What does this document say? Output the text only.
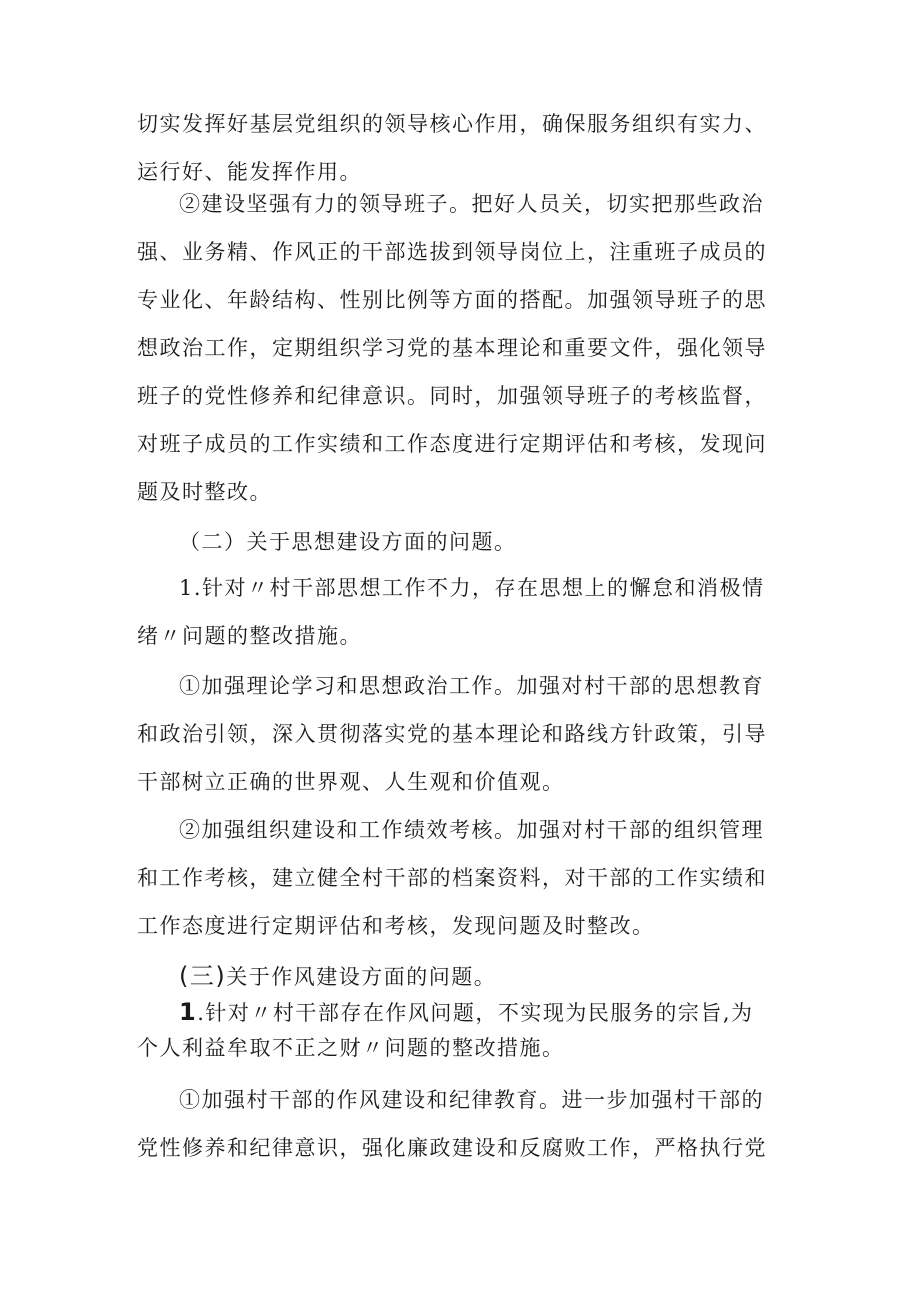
切实发挥好基层党组织的领导核心作用，确保服务组织有实力、
运行好、能发挥作用。

②建设坚强有力的领导班子。把好人员关，切实把那些政治
强、业务精、作风正的干部选拔到领导岗位上，注重班子成员的
专业化、年龄结构、性别比例等方面的搭配。加强领导班子的思
想政治工作，定期组织学习党的基本理论和重要文件，强化领导
班子的党性修养和纪律意识。同时，加强领导班子的考核监督，
对班子成员的工作实绩和工作态度进行定期评估和考核，发现问
题及时整改。

（二）关于思想建设方面的问题。

1.针对〃村干部思想工作不力，存在思想上的懈怠和消极情
绪〃问题的整改措施。

①加强理论学习和思想政治工作。加强对村干部的思想教育
和政治引领，深入贯彻落实党的基本理论和路线方针政策，引导
干部树立正确的世界观、人生观和价值观。

②加强组织建设和工作绩效考核。加强对村干部的组织管理
和工作考核，建立健全村干部的档案资料，对干部的工作实绩和
工作态度进行定期评估和考核，发现问题及时整改。

(三)关于作风建设方面的问题。

1.针对〃村干部存在作风问题，不实现为民服务的宗旨,为
个人利益牟取不正之财〃问题的整改措施。

①加强村干部的作风建设和纪律教育。进一步加强村干部的
党性修养和纪律意识，强化廉政建设和反腐败工作，严格执行党
